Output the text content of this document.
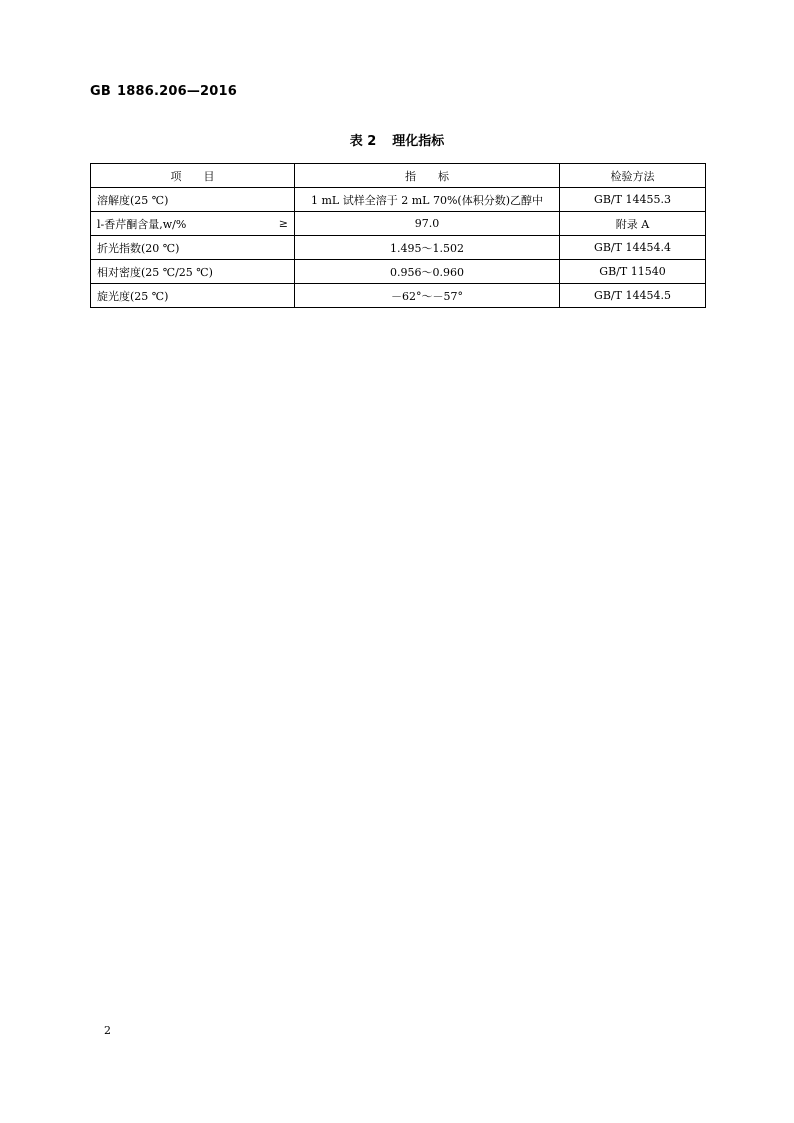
GB 1886.206—2016
表 2 理化指标
项　　目	指　　标	检验方法

溶解度(25 ℃)	1 mL 试样全溶于 2 mL 70%(体积分数)乙醇中	GB/T 14455.3

l-香芹酮含量,w/% ≥	97.0	附录 A

折光指数(20 ℃)	1.495～1.502	GB/T 14454.4

相对密度(25 ℃/25 ℃)	0.956～0.960	GB/T 11540

旋光度(25 ℃)	－62°～－57°	GB/T 14454.5
2
